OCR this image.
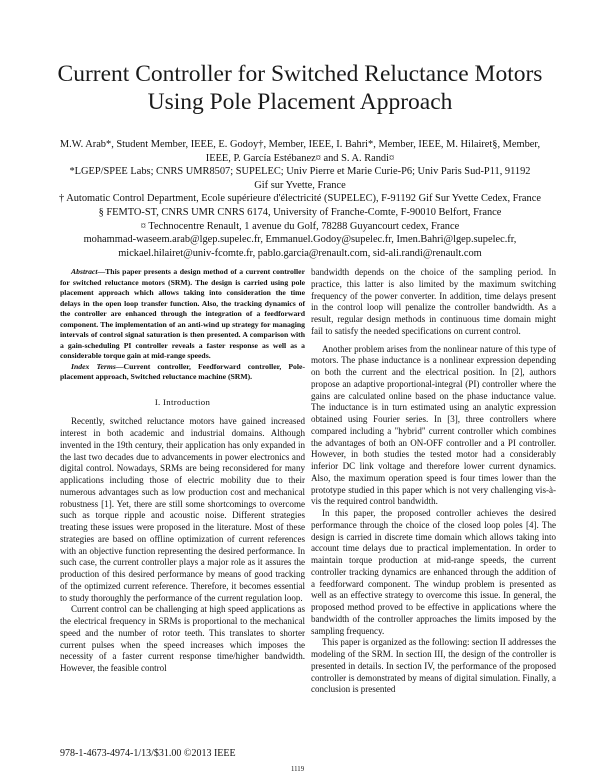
Current Controller for Switched Reluctance Motors
Using Pole Placement Approach
M.W. Arab*, Student Member, IEEE, E. Godoy†, Member, IEEE, I. Bahri*, Member, IEEE, M. Hilairet§, Member,
IEEE, P. García Estébanez¤ and S. A. Randi¤
*LGEP/SPEE Labs; CNRS UMR8507; SUPELEC; Univ Pierre et Marie Curie-P6; Univ Paris Sud-P11, 91192
Gif sur Yvette, France
† Automatic Control Department, Ecole supérieure d'électricité (SUPELEC), F-91192 Gif Sur Yvette Cedex, France
§ FEMTO-ST, CNRS UMR CNRS 6174, University of Franche-Comte, F-90010 Belfort, France
¤ Technocentre Renault, 1 avenue du Golf, 78288 Guyancourt cedex, France
mohammad-waseem.arab@lgep.supelec.fr, Emmanuel.Godoy@supelec.fr, Imen.Bahri@lgep.supelec.fr,
mickael.hilairet@univ-fcomte.fr, pablo.garcia@renault.com, sid-ali.randi@renault.com

Abstract—This paper presents a design method of a current controller for switched reluctance motors (SRM). The design is carried using pole placement approach which allows taking into consideration the time delays in the open loop transfer function. Also, the tracking dynamics of the controller are enhanced through the integration of a feedforward component. The implementation of an anti-wind up strategy for managing intervals of control signal saturation is then presented. A comparison with a gain-scheduling PI controller reveals a faster response as well as a considerable torque gain at mid-range speeds.

Index Terms—Current controller, Feedforward controller, Pole-placement approach, Switched reluctance machine (SRM).

I. Introduction

Recently, switched reluctance motors have gained increased interest in both academic and industrial domains. Although invented in the 19th century, their application has only expanded in the last two decades due to advancements in power electronics and digital control. Nowadays, SRMs are being reconsidered for many applications including those of electric mobility due to their numerous advantages such as low production cost and mechanical robustness [1]. Yet, there are still some shortcomings to overcome such as torque ripple and acoustic noise. Different strategies treating these issues were proposed in the literature. Most of these strategies are based on offline optimization of current references with an objective function representing the desired performance. In such case, the current controller plays a major role as it assures the production of this desired performance by means of good tracking of the optimized current reference. Therefore, it becomes essential to study thoroughly the performance of the current regulation loop.

Current control can be challenging at high speed applications as the electrical frequency in SRMs is proportional to the mechanical speed and the number of rotor teeth. This translates to shorter current pulses when the speed increases which imposes the necessity of a faster current response time/higher bandwidth. However, the feasible control

bandwidth depends on the choice of the sampling period. In practice, this latter is also limited by the maximum switching frequency of the power converter. In addition, time delays present in the control loop will penalize the controller bandwidth. As a result, regular design methods in continuous time domain might fail to satisfy the needed specifications on current control.

Another problem arises from the nonlinear nature of this type of motors. The phase inductance is a nonlinear expression depending on both the current and the electrical position. In [2], authors propose an adaptive proportional-integral (PI) controller where the gains are calculated online based on the phase inductance value. The inductance is in turn estimated using an analytic expression obtained using Fourier series. In [3], three controllers where compared including a "hybrid" current controller which combines the advantages of both an ON-OFF controller and a PI controller. However, in both studies the tested motor had a considerably inferior DC link voltage and therefore lower current dynamics. Also, the maximum operation speed is four times lower than the prototype studied in this paper which is not very challenging vis-à-vis the required control bandwidth.

In this paper, the proposed controller achieves the desired performance through the choice of the closed loop poles [4]. The design is carried in discrete time domain which allows taking into account time delays due to practical implementation. In order to maintain torque production at mid-range speeds, the current controller tracking dynamics are enhanced through the addition of a feedforward component. The windup problem is presented as well as an effective strategy to overcome this issue. In general, the proposed method proved to be effective in applications where the bandwidth of the controller approaches the limits imposed by the sampling frequency.

This paper is organized as the following: section II addresses the modeling of the SRM. In section III, the design of the controller is presented in details. In section IV, the performance of the proposed controller is demonstrated by means of digital simulation. Finally, a conclusion is presented

978-1-4673-4974-1/13/$31.00 ©2013 IEEE
1119
